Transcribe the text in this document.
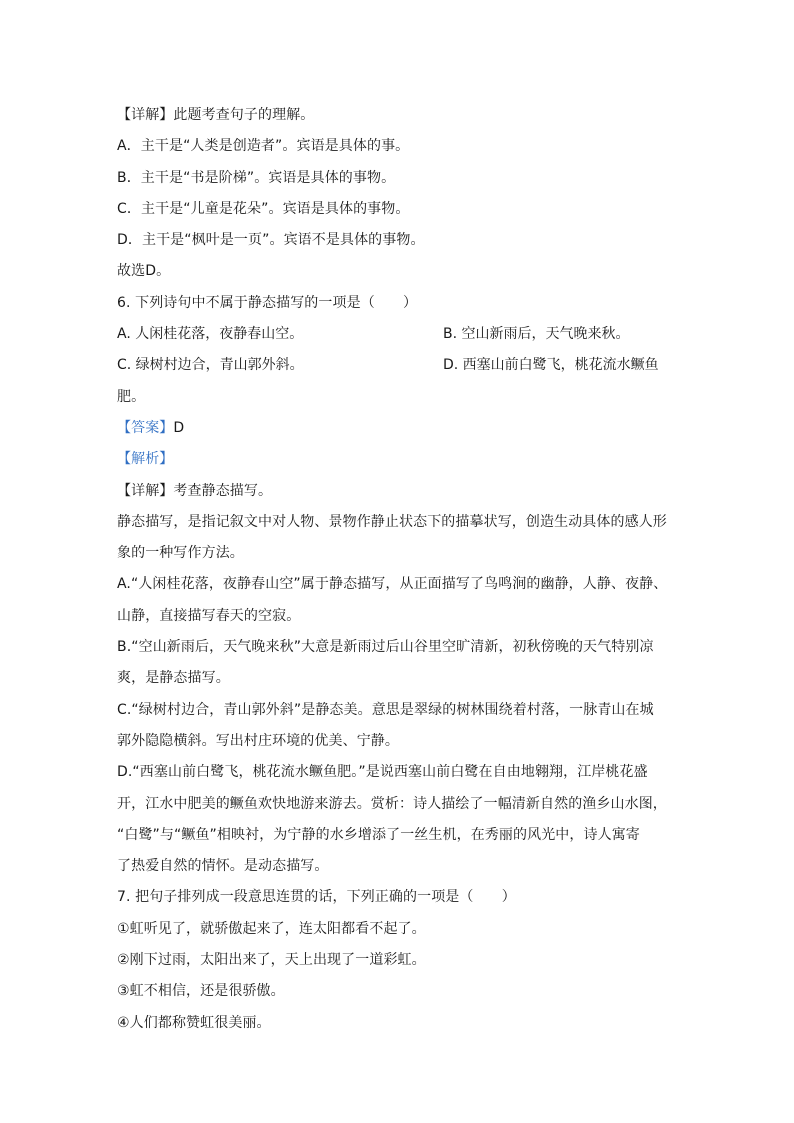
【详解】此题考查句子的理解。
A．主干是“人类是创造者”。宾语是具体的事。
B．主干是“书是阶梯”。宾语是具体的事物。
C．主干是“儿童是花朵”。宾语是具体的事物。
D．主干是“枫叶是一页”。宾语不是具体的事物。
故选D。
6. 下列诗句中不属于静态描写的一项是（　　）
A. 人闲桂花落，夜静春山空。	B. 空山新雨后，天气晚来秋。
C. 绿树村边合，青山郭外斜。	D. 西塞山前白鹭飞，桃花流水鳜鱼
肥。
【答案】D
【解析】
【详解】考查静态描写。
静态描写，是指记叙文中对人物、景物作静止状态下的描摹状写，创造生动具体的感人形
象的一种写作方法。
A.“人闲桂花落，夜静春山空”属于静态描写，从正面描写了鸟鸣涧的幽静，人静、夜静、
山静，直接描写春天的空寂。
B.“空山新雨后，天气晚来秋”大意是新雨过后山谷里空旷清新，初秋傍晚的天气特别凉
爽，是静态描写。
C.“绿树村边合，青山郭外斜”是静态美。意思是翠绿的树林围绕着村落，一脉青山在城
郭外隐隐横斜。写出村庄环境的优美、宁静。
D.“西塞山前白鹭飞，桃花流水鳜鱼肥。”是说西塞山前白鹭在自由地翱翔，江岸桃花盛
开，江水中肥美的鳜鱼欢快地游来游去。赏析：诗人描绘了一幅清新自然的渔乡山水图，
“白鹭”与“鳜鱼”相映衬，为宁静的水乡增添了一丝生机，在秀丽的风光中，诗人寓寄
了热爱自然的情怀。是动态描写。
7. 把句子排列成一段意思连贯的话，下列正确的一项是（　　）
①虹听见了，就骄傲起来了，连太阳都看不起了。
②刚下过雨，太阳出来了，天上出现了一道彩虹。
③虹不相信，还是很骄傲。
④人们都称赞虹很美丽。
